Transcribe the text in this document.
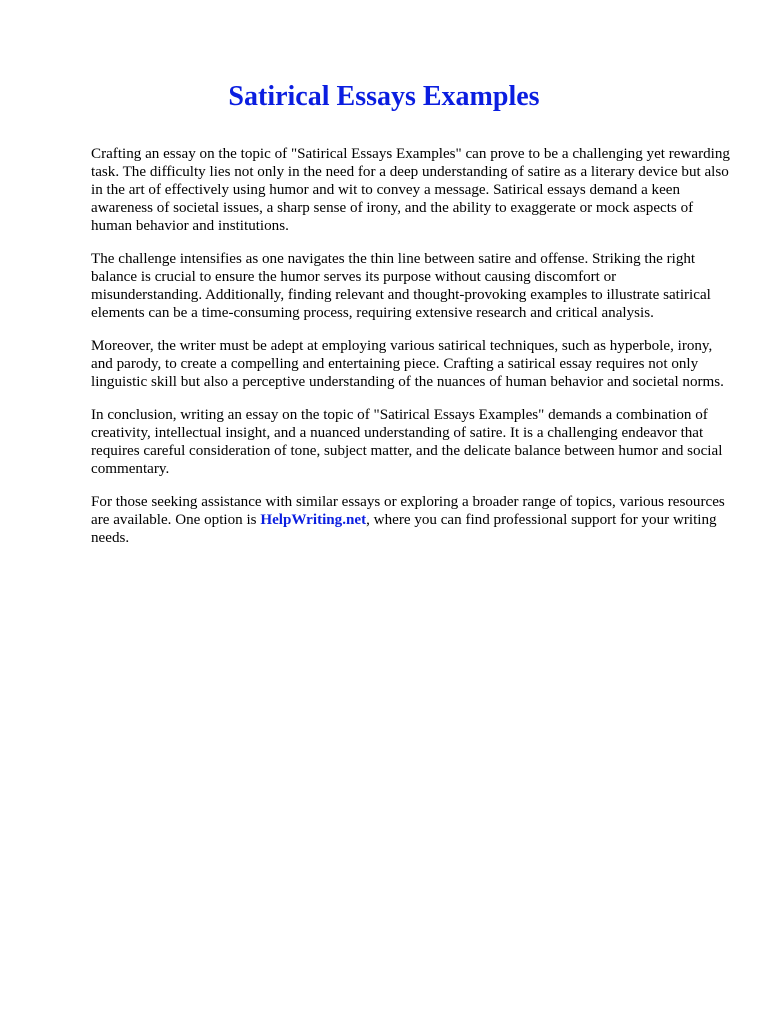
Satirical Essays Examples

Crafting an essay on the topic of "Satirical Essays Examples" can prove to be a challenging yet rewarding task. The difficulty lies not only in the need for a deep understanding of satire as a literary device but also in the art of effectively using humor and wit to convey a message. Satirical essays demand a keen awareness of societal issues, a sharp sense of irony, and the ability to exaggerate or mock aspects of human behavior and institutions.

The challenge intensifies as one navigates the thin line between satire and offense. Striking the right balance is crucial to ensure the humor serves its purpose without causing discomfort or misunderstanding. Additionally, finding relevant and thought-provoking examples to illustrate satirical elements can be a time-consuming process, requiring extensive research and critical analysis.

Moreover, the writer must be adept at employing various satirical techniques, such as hyperbole, irony, and parody, to create a compelling and entertaining piece. Crafting a satirical essay requires not only linguistic skill but also a perceptive understanding of the nuances of human behavior and societal norms.

In conclusion, writing an essay on the topic of "Satirical Essays Examples" demands a combination of creativity, intellectual insight, and a nuanced understanding of satire. It is a challenging endeavor that requires careful consideration of tone, subject matter, and the delicate balance between humor and social commentary.

For those seeking assistance with similar essays or exploring a broader range of topics, various resources are available. One option is HelpWriting.net, where you can find professional support for your writing needs.
